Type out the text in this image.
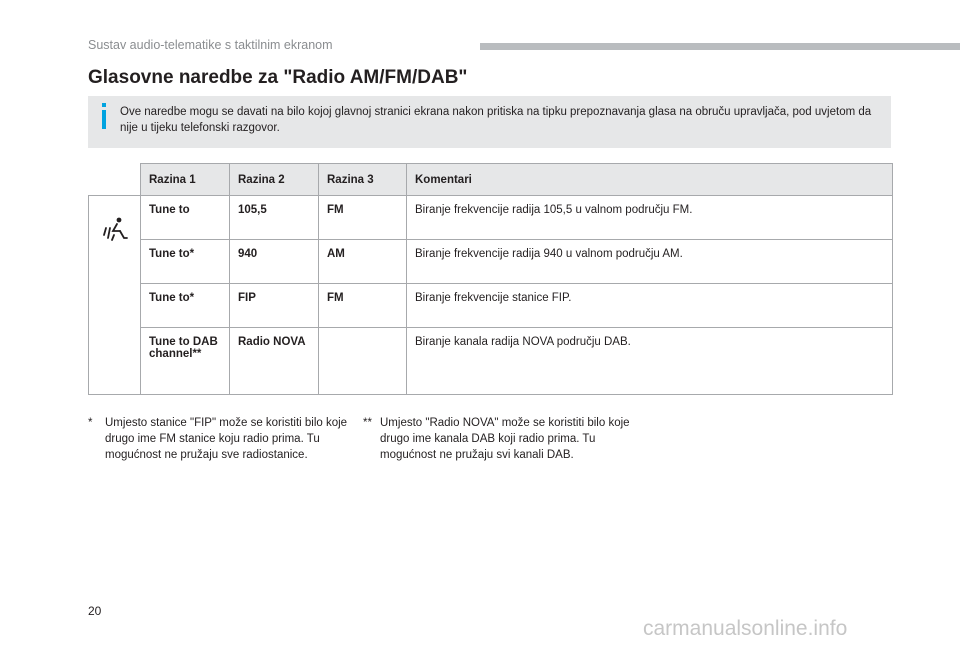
Sustav audio-telematike s taktilnim ekranom
Glasovne naredbe za "Radio AM/FM/DAB"
Ove naredbe mogu se davati na bilo kojoj glavnoj stranici ekrana nakon pritiska na tipku prepoznavanja glasa na obruču upravljača, pod uvjetom da nije u tijeku telefonski razgovor.
	Razina 1	Razina 2	Razina 3	Komentari

	Tune to	105,5	FM	Biranje frekvencije radija 105,5 u valnom području FM.
	Tune to*	940	AM	Biranje frekvencije radija 940 u valnom području AM.
	Tune to*	FIP	FM	Biranje frekvencije stanice FIP.
	Tune to DAB channel**	Radio NOVA		Biranje kanala radija NOVA području DAB.
* Umjesto stanice "FIP" može se koristiti bilo koje drugo ime FM stanice koju radio prima. Tu mogućnost ne pružaju sve radiostanice.
** Umjesto "Radio NOVA" može se koristiti bilo koje drugo ime kanala DAB koji radio prima. Tu mogućnost ne pružaju svi kanali DAB.
20
carmanualsonline.info
